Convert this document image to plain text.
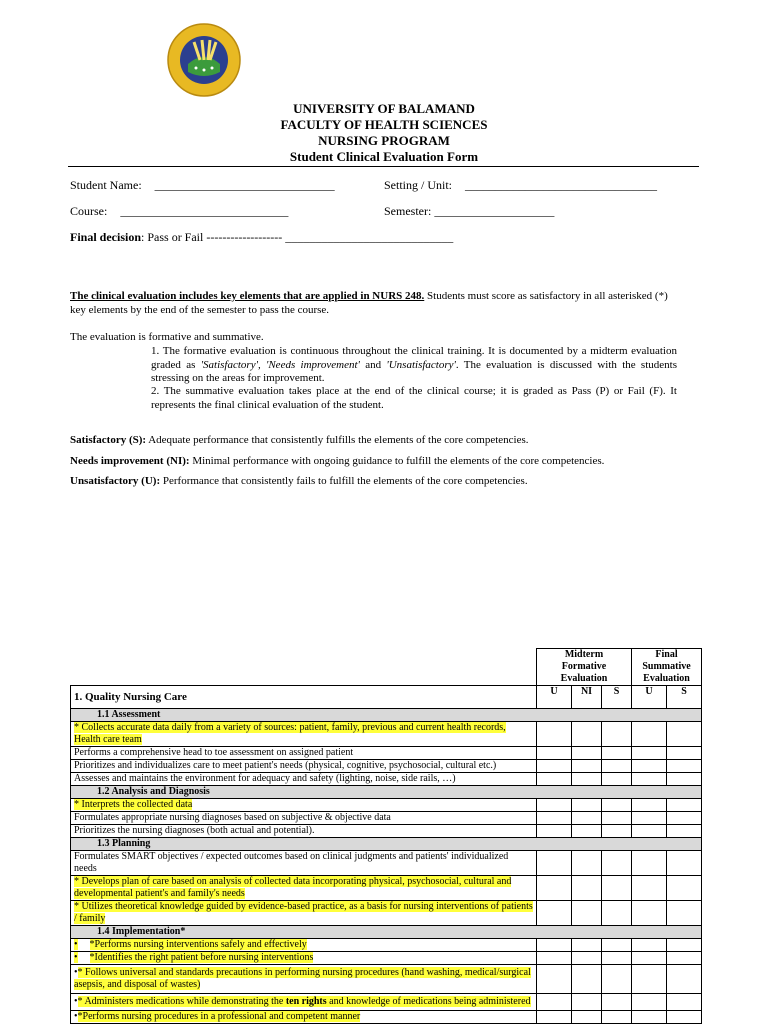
UNIVERSITY OF BALAMAND
FACULTY OF HEALTH SCIENCES
NURSING PROGRAM
Student Clinical Evaluation Form
Student Name: ______________________________	Setting / Unit: ________________________________
Course: ____________________________	Semester: ____________________
Final decision: Pass or Fail ------------------- ____________________________
The clinical evaluation includes key elements that are applied in NURS 248. Students must score as satisfactory in all asterisked (*) key elements by the end of the semester to pass the course.
The evaluation is formative and summative.
1. The formative evaluation is continuous throughout the clinical training. It is documented by a midterm evaluation graded as 'Satisfactory', 'Needs improvement' and 'Unsatisfactory'. The evaluation is discussed with the students stressing on the areas for improvement.
2. The summative evaluation takes place at the end of the clinical course; it is graded as Pass (P) or Fail (F). It represents the final clinical evaluation of the student.
Satisfactory (S): Adequate performance that consistently fulfills the elements of the core competencies.
Needs improvement (NI): Minimal performance with ongoing guidance to fulfill the elements of the core competencies.
Unsatisfactory (U): Performance that consistently fails to fulfill the elements of the core competencies.
	Midterm Formative Evaluation			Final Summative Evaluation	
1. Quality Nursing Care	U	NI	S	U	S
1.1 Assessment					
* Collects accurate data daily from a variety of sources: patient, family, previous and current health records, Health care team					
Performs a comprehensive head to toe assessment on assigned patient					
Prioritizes and individualizes care to meet patient's needs (physical, cognitive, psychosocial, cultural etc.)					
Assesses and maintains the environment for adequacy and safety (lighting, noise, side rails, …)					
1.2 Analysis and Diagnosis					
* Interprets the collected data					
Formulates appropriate nursing diagnoses based on subjective & objective data					
Prioritizes the nursing diagnoses (both actual and potential).					
1.3 Planning					
Formulates SMART objectives / expected outcomes based on clinical judgments and patients' individualized needs					
* Develops plan of care based on analysis of collected data incorporating physical, psychosocial, cultural and developmental patient's and family's needs					
* Utilizes theoretical knowledge guided by evidence-based practice, as a basis for nursing interventions of patients / family					
1.4 Implementation*					
• *Performs nursing interventions safely and effectively					
• *Identifies the right patient before nursing interventions					
•* Follows universal and standards precautions in performing nursing procedures (hand washing, medical/surgical asepsis, and disposal of wastes)					
•* Administers medications while demonstrating the ten rights and knowledge of medications being administered					
•*Performs nursing procedures in a professional and competent manner					
